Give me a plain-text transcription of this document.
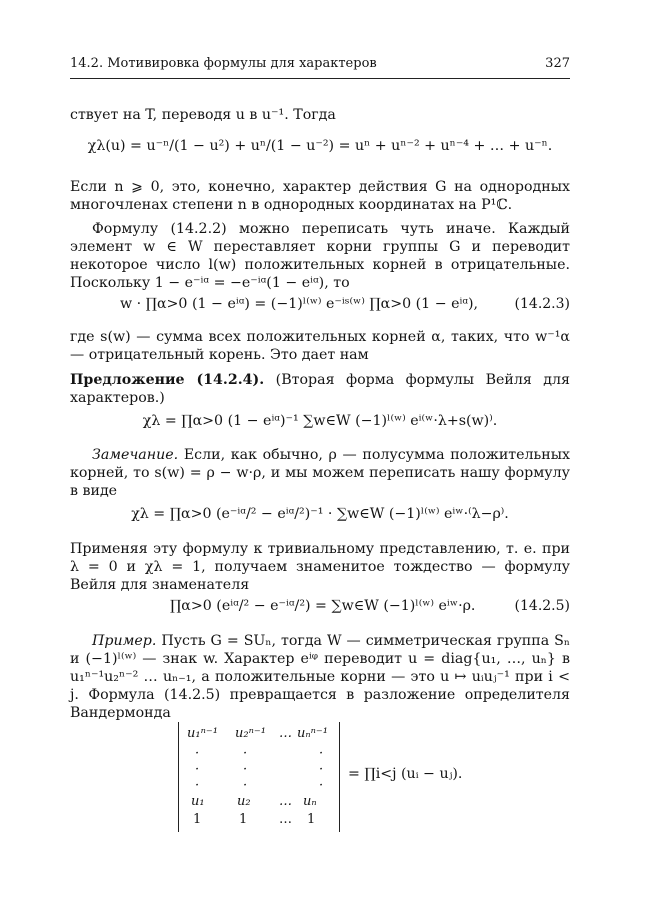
14.2. Мотивировка формулы для характеров	327
ствует на T, переводя u в u⁻¹. Тогда
χλ(u) = u⁻ⁿ/(1 − u²) + uⁿ/(1 − u⁻²) = uⁿ + uⁿ⁻² + uⁿ⁻⁴ + … + u⁻ⁿ.
Если n ⩾ 0, это, конечно, характер действия G на однородных многочленах степени n в однородных координатах на P¹ℂ.
Формулу (14.2.2) можно переписать чуть иначе. Каждый элемент w ∈ W переставляет корни группы G и переводит некоторое число l(w) положительных корней в отрицательные. Поскольку 1 − e⁻ⁱᵅ = −e⁻ⁱᵅ(1 − eⁱᵅ), то
w · ∏α>0 (1 − eⁱᵅ) = (−1)ˡ⁽ʷ⁾ e⁻ⁱˢ⁽ʷ⁾ ∏α>0 (1 − eⁱᵅ),	(14.2.3)
где s(w) — сумма всех положительных корней α, таких, что w⁻¹α — отрицательный корень. Это дает нам
Предложение (14.2.4). (Вторая форма формулы Вейля для характеров.)
χλ = ∏α>0 (1 − eⁱᵅ)⁻¹ ∑w∈W (−1)ˡ⁽ʷ⁾ eⁱ⁽ʷ·λ+s(w)⁾.
Замечание. Если, как обычно, ρ — полусумма положительных корней, то s(w) = ρ − w·ρ, и мы можем переписать нашу формулу в виде
χλ = ∏α>0 (e⁻ⁱᵅ/² − eⁱᵅ/²)⁻¹ · ∑w∈W (−1)ˡ⁽ʷ⁾ eⁱʷ·⁽λ−ρ⁾.
Применяя эту формулу к тривиальному представлению, т. е. при λ = 0 и χλ = 1, получаем знаменитое тождество — формулу Вейля для знаменателя
∏α>0 (eⁱᵅ/² − e⁻ⁱᵅ/²) = ∑w∈W (−1)ˡ⁽ʷ⁾ eⁱʷ·ρ.	(14.2.5)
Пример. Пусть G = SUₙ, тогда W — симметрическая группа Sₙ и (−1)ˡ⁽ʷ⁾ — знак w. Характер eⁱᵠ переводит u = diag{u₁, …, uₙ} в u₁ⁿ⁻¹u₂ⁿ⁻² … uₙ₋₁, а положительные корни — это u ↦ uᵢuⱼ⁻¹ при i < j. Формула (14.2.5) превращается в разложение определителя Вандермонда
u₁ⁿ⁻¹ u₂ⁿ⁻¹ … uₙⁿ⁻¹
·	·	·
·	·	·
·	·	·
u₁ u₂ … uₙ
1	1 … 1
= ∏i<j (uᵢ − uⱼ).
